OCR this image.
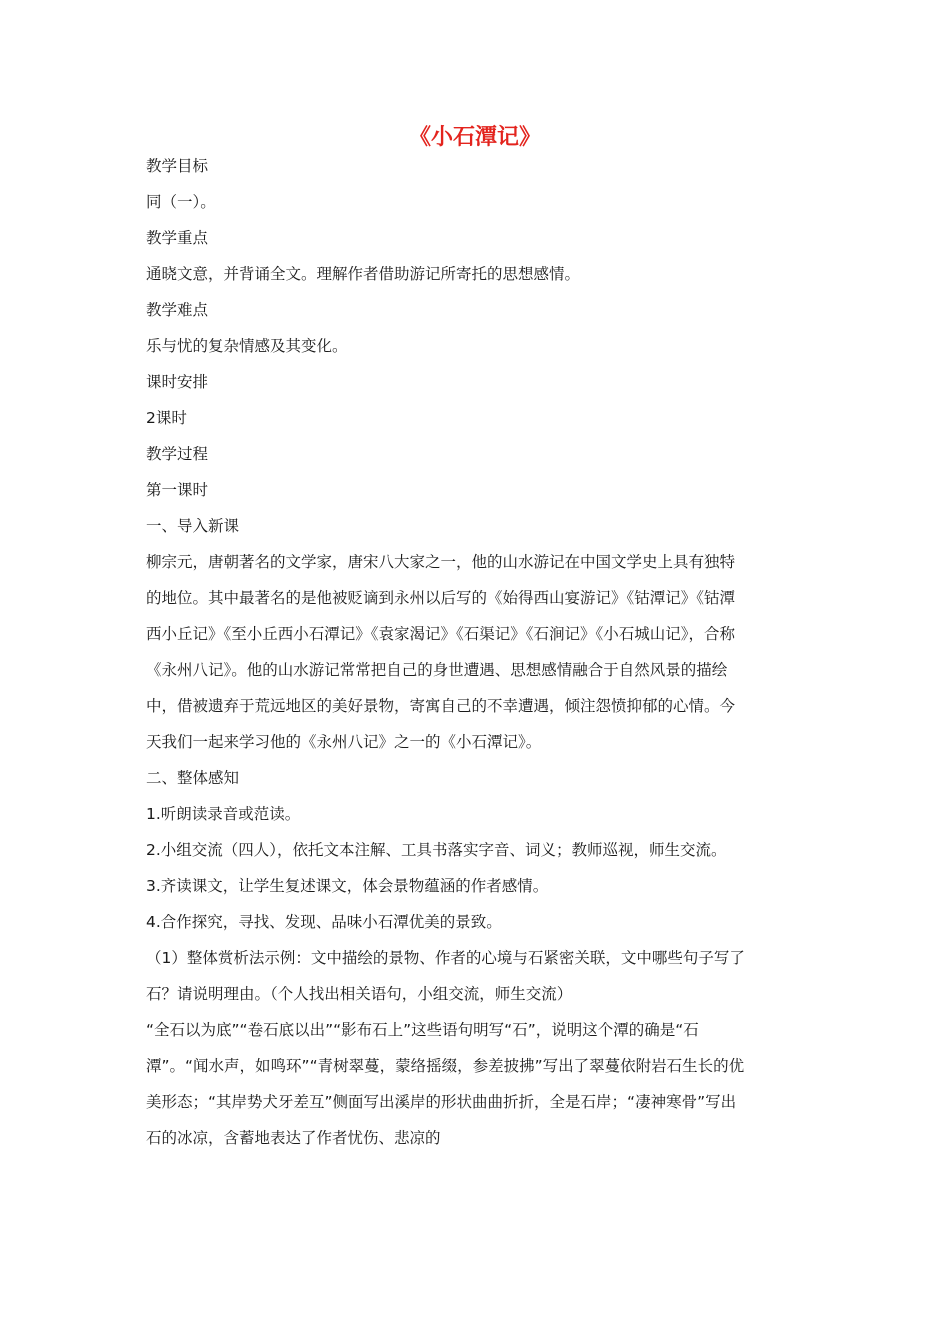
《小石潭记》

教学目标

同（一）。

教学重点

通晓文意，并背诵全文。理解作者借助游记所寄托的思想感情。

教学难点

乐与忧的复杂情感及其变化。

课时安排

2课时

教学过程

第一课时

一、导入新课

柳宗元，唐朝著名的文学家，唐宋八大家之一，他的山水游记在中国文学史上具有独特的地位。其中最著名的是他被贬谪到永州以后写的《始得西山宴游记》《钴潭记》《钴潭西小丘记》《至小丘西小石潭记》《袁家渴记》《石渠记》《石涧记》《小石城山记》，合称《永州八记》。他的山水游记常常把自己的身世遭遇、思想感情融合于自然风景的描绘中，借被遗弃于荒远地区的美好景物，寄寓自己的不幸遭遇，倾注怨愤抑郁的心情。今天我们一起来学习他的《永州八记》之一的《小石潭记》。

二、整体感知

1.听朗读录音或范读。

2.小组交流（四人），依托文本注解、工具书落实字音、词义；教师巡视，师生交流。

3.齐读课文，让学生复述课文，体会景物蕴涵的作者感情。

4.合作探究，寻找、发现、品味小石潭优美的景致。

（1）整体赏析法示例：文中描绘的景物、作者的心境与石紧密关联，文中哪些句子写了石？请说明理由。（个人找出相关语句，小组交流，师生交流）

“全石以为底”“卷石底以出”“影布石上”这些语句明写“石”，说明这个潭的确是“石潭”。“闻水声，如鸣环”“青树翠蔓，蒙络摇缀，参差披拂”写出了翠蔓依附岩石生长的优美形态；“其岸势犬牙差互”侧面写出溪岸的形状曲曲折折，全是石岸；“凄神寒骨”写出石的冰凉，含蓄地表达了作者忧伤、悲凉的
